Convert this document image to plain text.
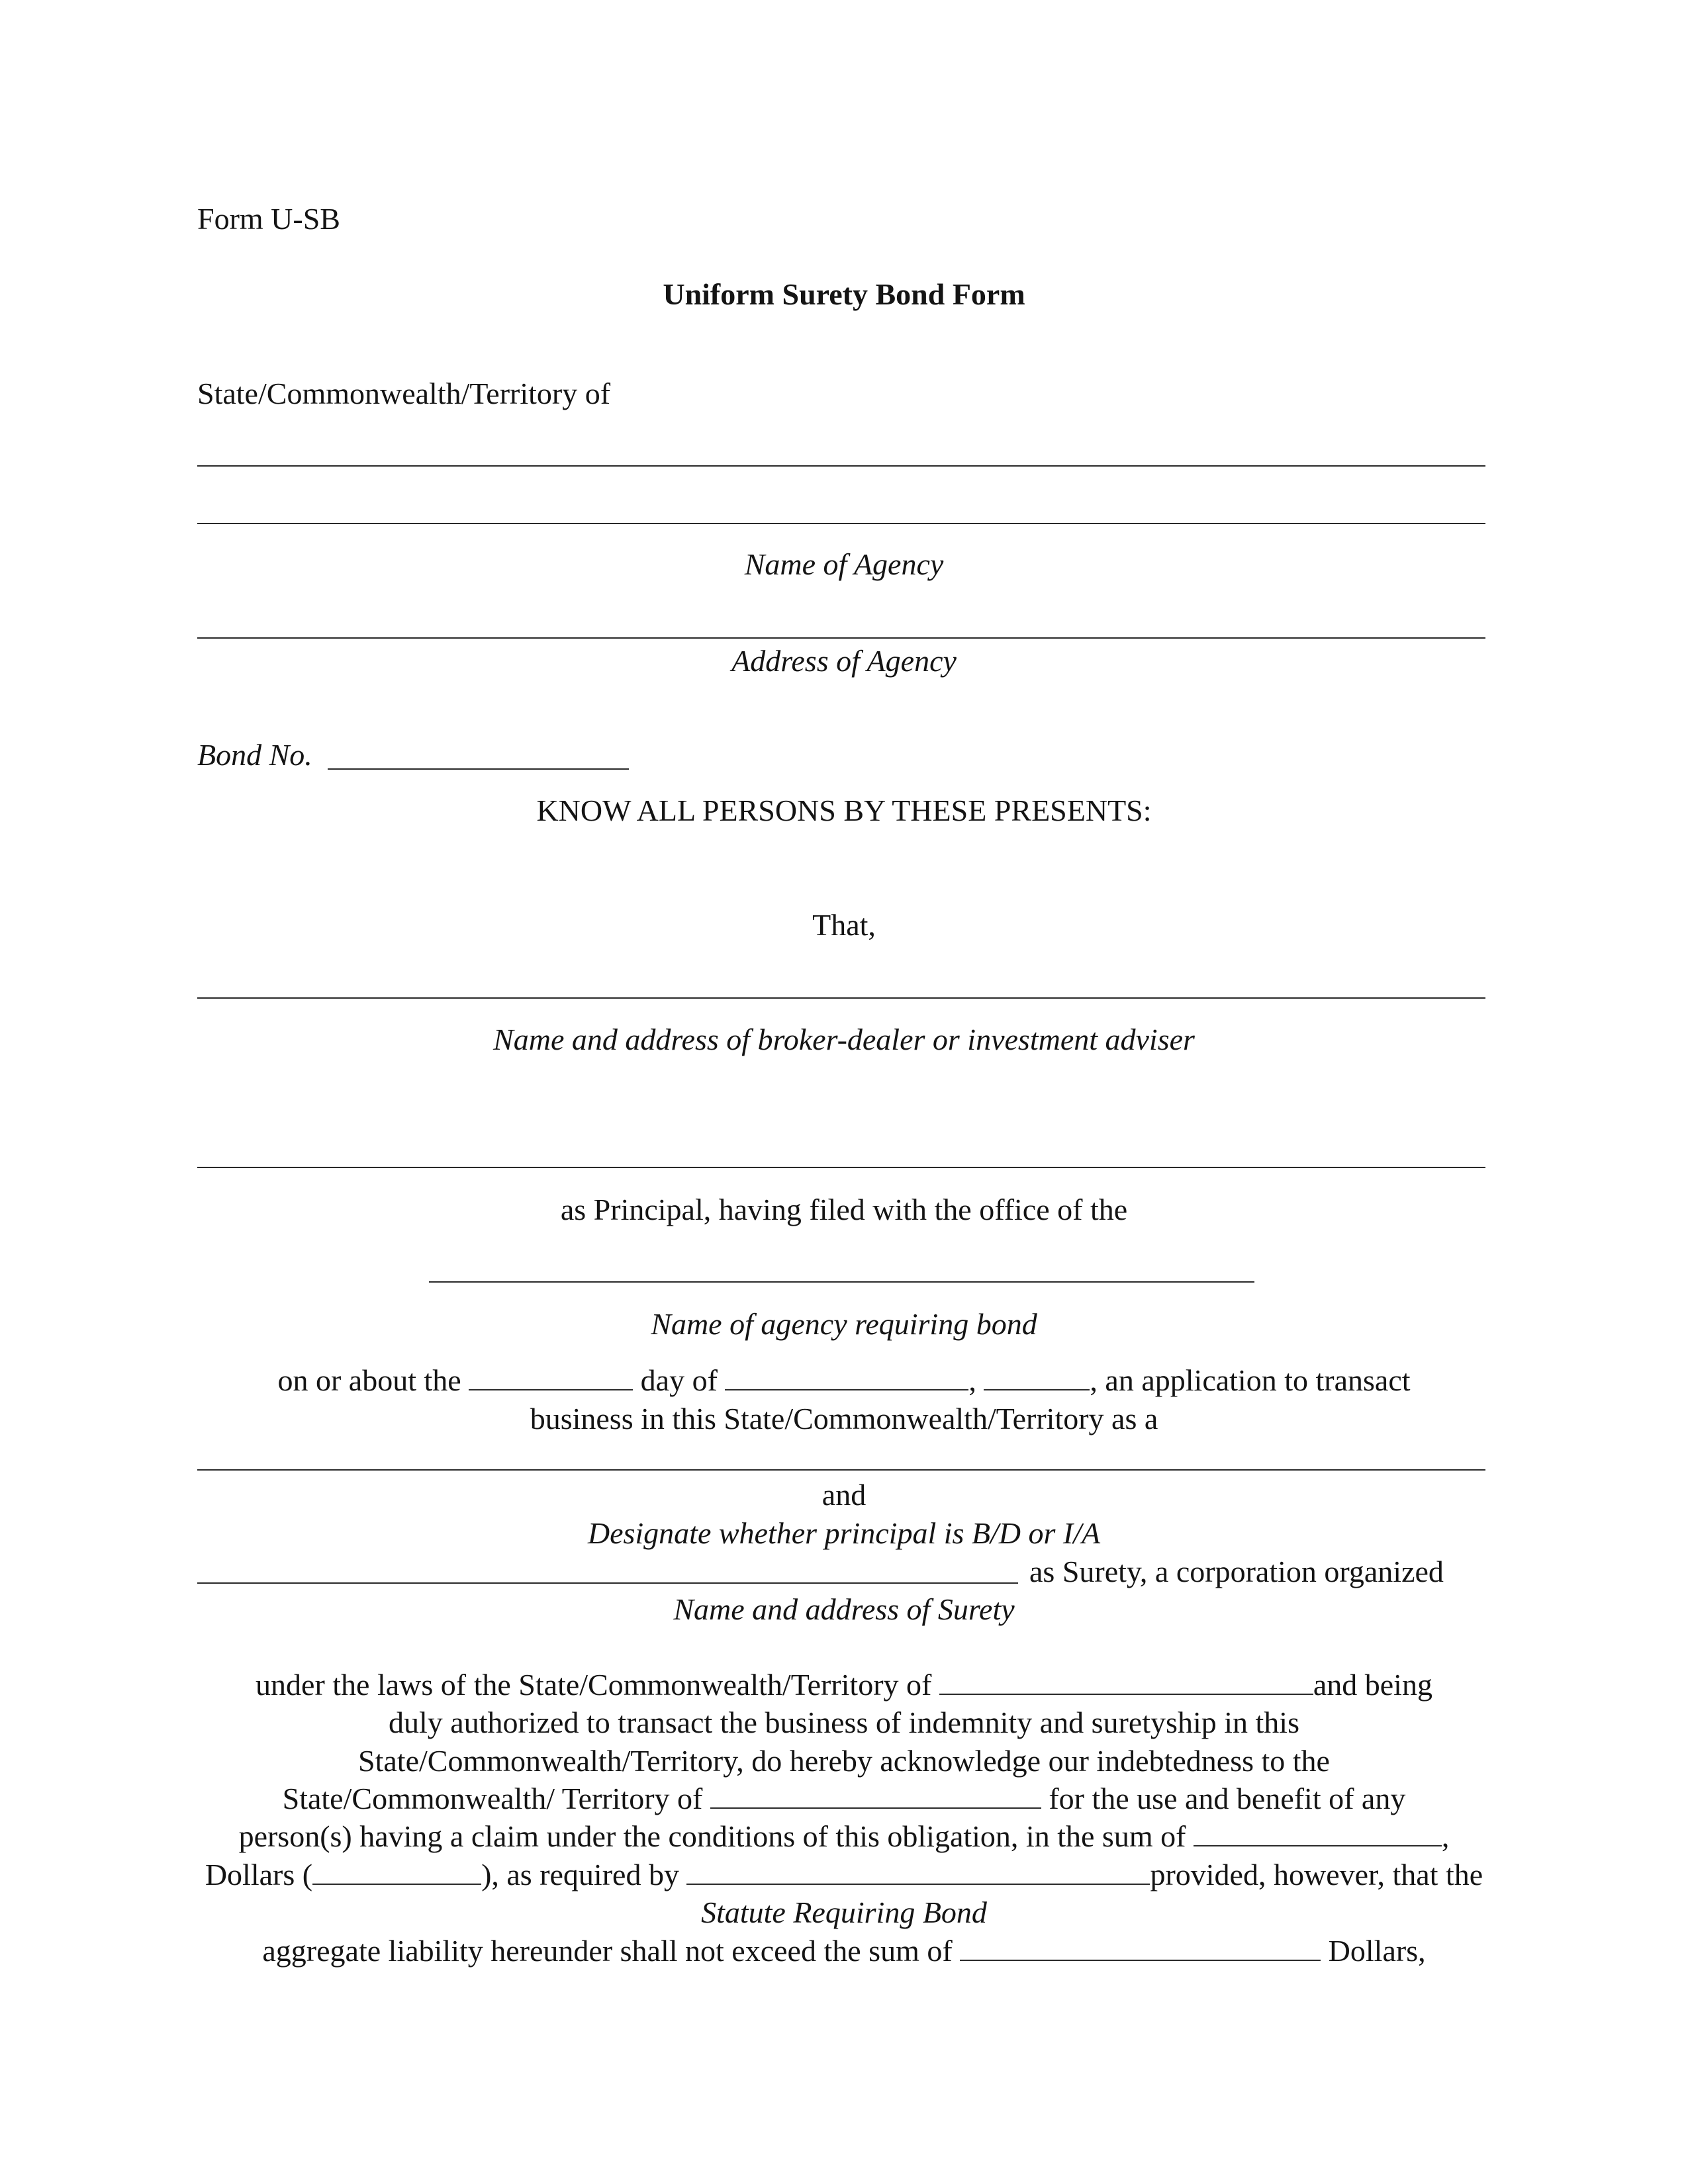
Form U-SB
Uniform Surety Bond Form
State/Commonwealth/Territory of
Name of Agency
Address of Agency
Bond No.
KNOW ALL PERSONS BY THESE PRESENTS:
That,
Name and address of broker-dealer or investment adviser
as Principal, having filed with the office of the
Name of agency requiring bond
on or about the	day of	,	, an application to transact
business in this State/Commonwealth/Territory as a
and
Designate whether principal is B/D or I/A
as Surety, a corporation organized
Name and address of Surety
under the laws of the State/Commonwealth/Territory of	and being
duly authorized to transact the business of indemnity and suretyship in this
State/Commonwealth/Territory, do hereby acknowledge our indebtedness to the
State/Commonwealth/ Territory of	for the use and benefit of any
person(s) having a claim under the conditions of this obligation, in the sum of	,
Dollars (	), as required by	provided, however, that the
Statute Requiring Bond
aggregate liability hereunder shall not exceed the sum of	Dollars,
